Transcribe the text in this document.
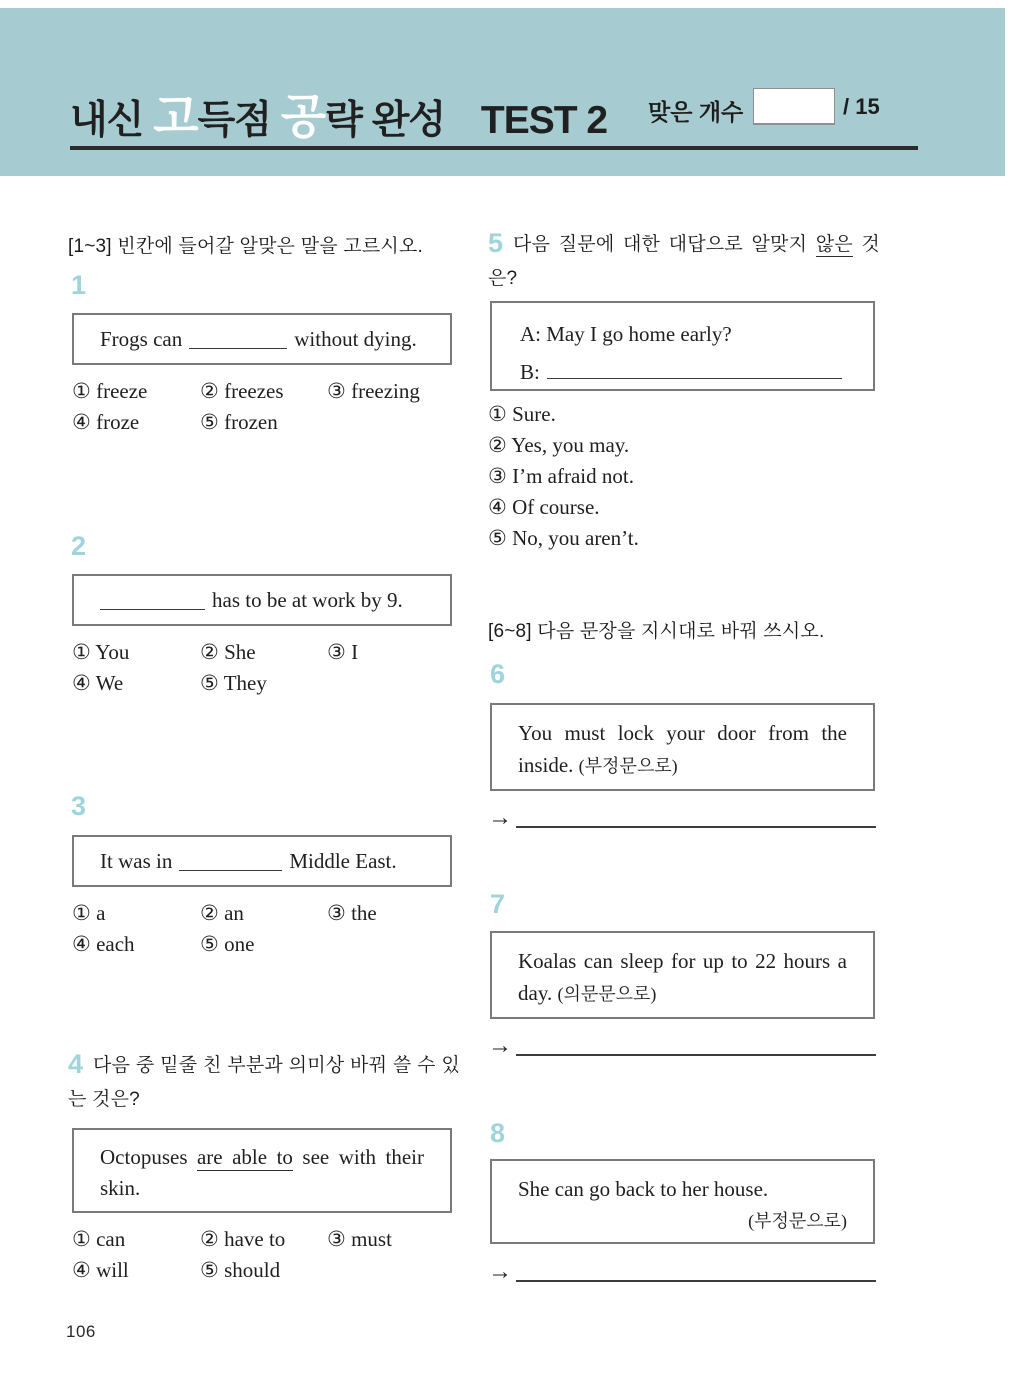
내신 고득점 공략 완성 TEST 2	맞은 개수	/ 15
[1~3] 빈칸에 들어갈 알맞은 말을 고르시오.
1
Frogs can	without dying.
① freeze	② freezes	③ freezing
④ froze	⑤ frozen
2
has to be at work by 9.
① You	② She	③ I
④ We	⑤ They
3
It was in	Middle East.
① a	② an	③ the
④ each	⑤ one
4 다음 중 밑줄 친 부분과 의미상 바꿔 쓸 수 있는 것은?
Octopuses are able to see with their skin.
① can	② have to	③ must
④ will	⑤ should
5 다음 질문에 대한 대답으로 알맞지 않은 것은?
A: May I go home early?
B:
① Sure.
② Yes, you may.
③ I’m afraid not.
④ Of course.
⑤ No, you aren’t.
[6~8] 다음 문장을 지시대로 바꿔 쓰시오.
6
You must lock your door from the inside. (부정문으로)
→
7
Koalas can sleep for up to 22 hours a day. (의문문으로)
→
8
She can go back to her house.
(부정문으로)
→
106
